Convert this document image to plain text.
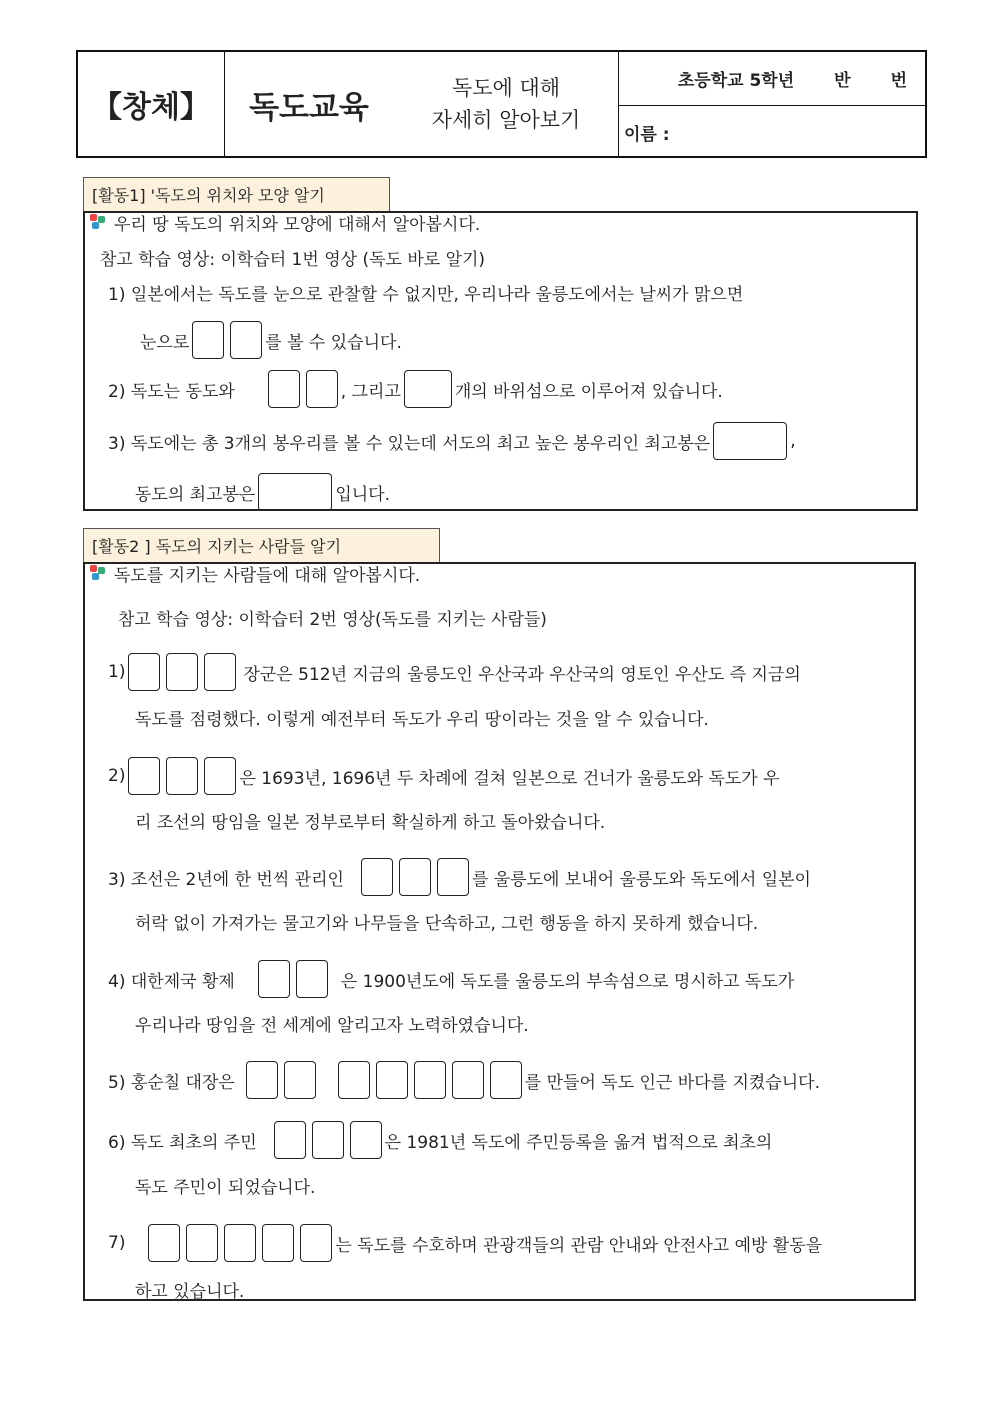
【창체】	독도교육
독도에 대해
자세히 알아보기
초등학교 5학년 반 번
이름 :
[활동1] '독도의 위치와 모양 알기
우리 땅 독도의 위치와 모양에 대해서 알아봅시다.
참고 학습 영상: 이학습터 1번 영상 (독도 바로 알기)
1) 일본에서는 독도를 눈으로 관찰할 수 없지만, 우리나라 울릉도에서는 날씨가 맑으면
눈으로	를 볼 수 있습니다.
2) 독도는 동도와	, 그리고	개의 바위섬으로 이루어져 있습니다.
3) 독도에는 총 3개의 봉우리를 볼 수 있는데 서도의 최고 높은 봉우리인 최고봉은	,
동도의 최고봉은	입니다.
[활동2 ] 독도의 지키는 사람들 알기
독도를 지키는 사람들에 대해 알아봅시다.
참고 학습 영상: 이학습터 2번 영상(독도를 지키는 사람들)
1)	장군은 512년 지금의 울릉도인 우산국과 우산국의 영토인 우산도 즉 지금의
독도를 점령했다. 이렇게 예전부터 독도가 우리 땅이라는 것을 알 수 있습니다.
2)	은 1693년, 1696년 두 차례에 걸쳐 일본으로 건너가 울릉도와 독도가 우
리 조선의 땅임을 일본 정부로부터 확실하게 하고 돌아왔습니다.
3) 조선은 2년에 한 번씩 관리인	를 울릉도에 보내어 울릉도와 독도에서 일본이
허락 없이 가져가는 물고기와 나무들을 단속하고, 그런 행동을 하지 못하게 했습니다.
4) 대한제국 황제	은 1900년도에 독도를 울릉도의 부속섬으로 명시하고 독도가
우리나라 땅임을 전 세계에 알리고자 노력하였습니다.
5) 홍순칠 대장은	를 만들어 독도 인근 바다를 지켰습니다.
6) 독도 최초의 주민	은 1981년 독도에 주민등록을 옮겨 법적으로 최초의
독도 주민이 되었습니다.
7)	는 독도를 수호하며 관광객들의 관람 안내와 안전사고 예방 활동을
하고 있습니다.
